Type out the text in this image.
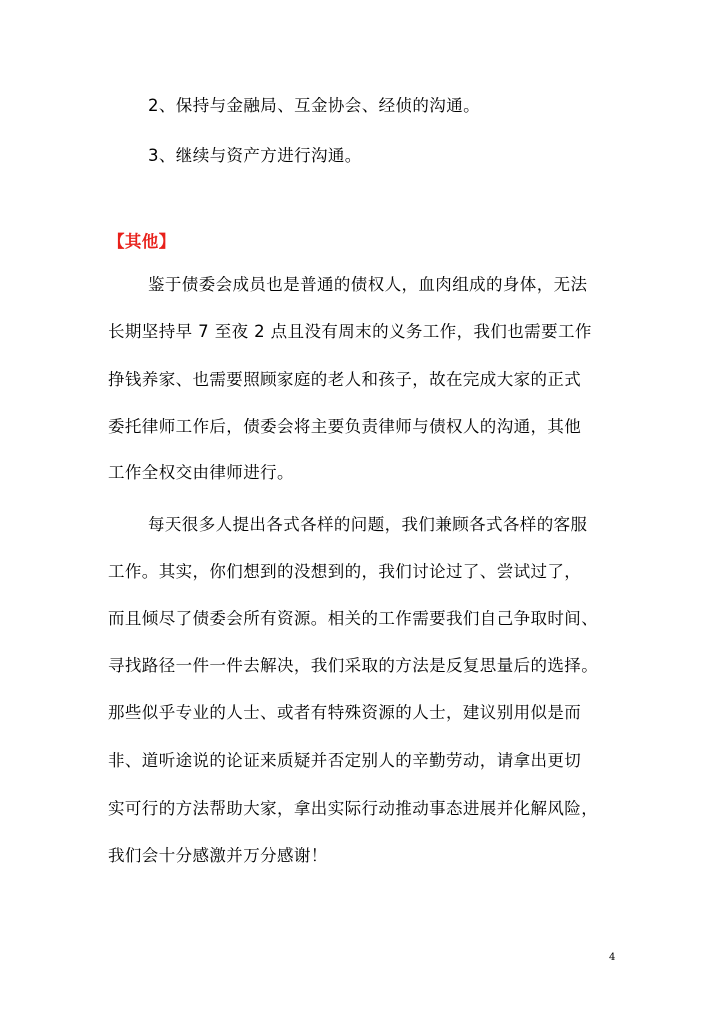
2、保持与金融局、互金协会、经侦的沟通。
3、继续与资产方进行沟通。
【其他】
鉴于债委会成员也是普通的债权人，血肉组成的身体，无法
长期坚持早 7 至夜 2 点且没有周末的义务工作，我们也需要工作
挣钱养家、也需要照顾家庭的老人和孩子，故在完成大家的正式
委托律师工作后，债委会将主要负责律师与债权人的沟通，其他
工作全权交由律师进行。
每天很多人提出各式各样的问题，我们兼顾各式各样的客服
工作。其实，你们想到的没想到的，我们讨论过了、尝试过了，
而且倾尽了债委会所有资源。相关的工作需要我们自己争取时间、
寻找路径一件一件去解决，我们采取的方法是反复思量后的选择。
那些似乎专业的人士、或者有特殊资源的人士，建议别用似是而
非、道听途说的论证来质疑并否定别人的辛勤劳动，请拿出更切
实可行的方法帮助大家，拿出实际行动推动事态进展并化解风险，
我们会十分感激并万分感谢！
4
